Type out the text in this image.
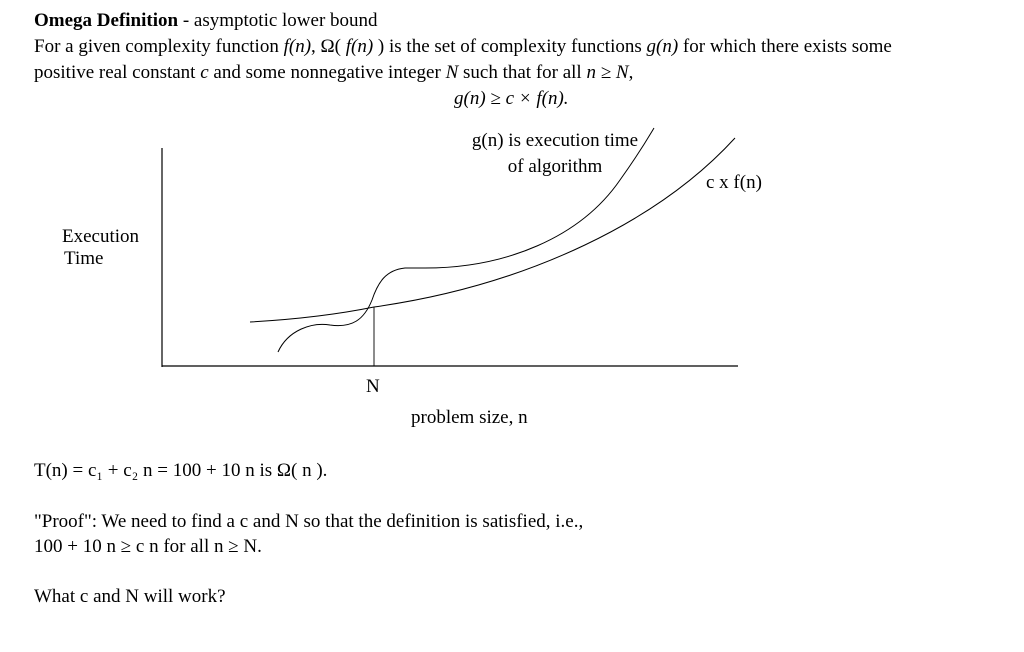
Omega Definition - asymptotic lower bound
For a given complexity function f(n), Ω( f(n) ) is the set of complexity functions g(n) for which there exists some
positive real constant c and some nonnegative integer N such that for all n ≥ N,
g(n) ≥ c × f(n).
Execution
Time
N
problem size, n
g(n) is execution time
of algorithm
c x f(n)
T(n) = c₁ + c₂ n = 100 + 10 n is Ω( n ).
"Proof": We need to find a c and N so that the definition is satisfied, i.e.,
100 + 10 n ≥ c n for all n ≥ N.
What c and N will work?
